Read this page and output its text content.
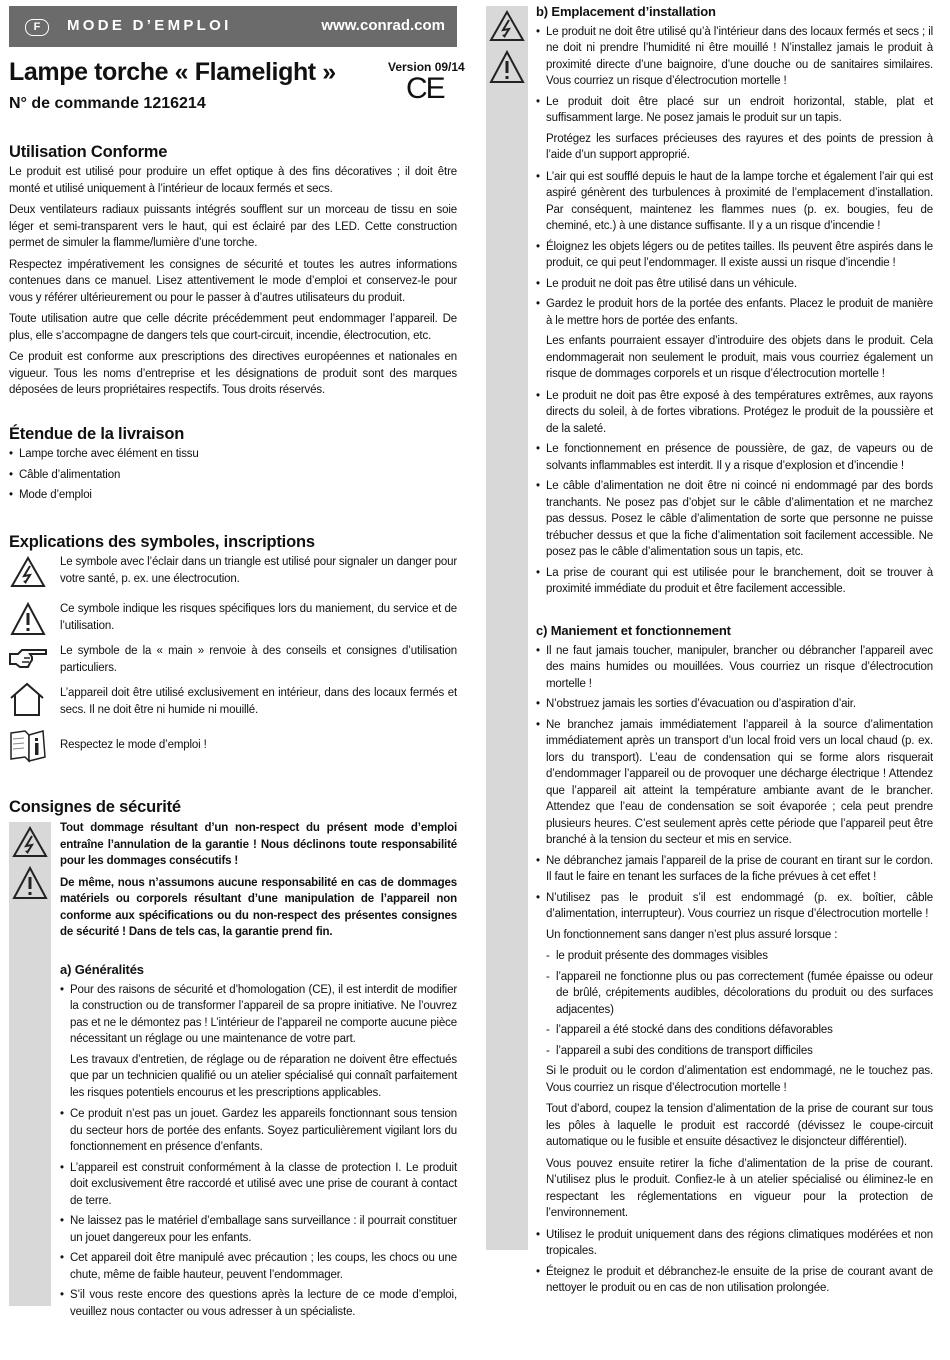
F	MODE D’EMPLOI	www.conrad.com
Lampe torche « Flamelight »	Version 09/14
CE
N° de commande 1216214
Utilisation Conforme

Le produit est utilisé pour produire un effet optique à des fins décoratives ; il doit être monté et utilisé uniquement à l’intérieur de locaux fermés et secs.

Deux ventilateurs radiaux puissants intégrés soufflent sur un morceau de tissu en soie léger et semi-transparent vers le haut, qui est éclairé par des LED. Cette construction permet de simuler la flamme/lumière d’une torche.

Respectez impérativement les consignes de sécurité et toutes les autres informations contenues dans ce manuel. Lisez attentivement le mode d’emploi et conservez-le pour vous y référer ultérieurement ou pour le passer à d’autres utilisateurs du produit.

Toute utilisation autre que celle décrite précédemment peut endommager l’appareil. De plus, elle s’accompagne de dangers tels que court-circuit, incendie, électrocution, etc.

Ce produit est conforme aux prescriptions des directives européennes et nationales en vigueur. Tous les noms d’entreprise et les désignations de produit sont des marques déposées de leurs propriétaires respectifs. Tous droits réservés.

Étendue de la livraison
• Lampe torche avec élément en tissu
• Câble d’alimentation
• Mode d’emploi
Explications des symboles, inscriptions
Le symbole avec l’éclair dans un triangle est utilisé pour signaler un danger pour votre santé, p. ex. une électrocution.
Ce symbole indique les risques spécifiques lors du maniement, du service et de l’utilisation.
Le symbole de la « main » renvoie à des conseils et consignes d’utilisation particuliers.
L’appareil doit être utilisé exclusivement en intérieur, dans des locaux fermés et secs. Il ne doit être ni humide ni mouillé.
Respectez le mode d’emploi !
Consignes de sécurité

Tout dommage résultant d’un non-respect du présent mode d’emploi entraîne l’annulation de la garantie ! Nous déclinons toute responsabilité pour les dommages consécutifs !

De même, nous n’assumons aucune responsabilité en cas de dommages matériels ou corporels résultant d’une manipulation de l’appareil non conforme aux spécifications ou du non-respect des présentes consignes de sécurité ! Dans de tels cas, la garantie prend fin.

a) Généralités
• Pour des raisons de sécurité et d’homologation (CE), il est interdit de modifier la construction ou de transformer l’appareil de sa propre initiative. Ne l’ouvrez pas et ne le démontez pas ! L’intérieur de l’appareil ne comporte aucune pièce nécessitant un réglage ou une maintenance de votre part.

Les travaux d’entretien, de réglage ou de réparation ne doivent être effectués que par un technicien qualifié ou un atelier spécialisé qui connaît parfaitement les risques potentiels encourus et les prescriptions applicables.

• Ce produit n’est pas un jouet. Gardez les appareils fonctionnant sous tension du secteur hors de portée des enfants. Soyez particulièrement vigilant lors du fonctionnement en présence d’enfants.
• L’appareil est construit conformément à la classe de protection I. Le produit doit exclusivement être raccordé et utilisé avec une prise de courant à contact de terre.
• Ne laissez pas le matériel d’emballage sans surveillance : il pourrait constituer un jouet dangereux pour les enfants.
• Cet appareil doit être manipulé avec précaution ; les coups, les chocs ou une chute, même de faible hauteur, peuvent l’endommager.
• S’il vous reste encore des questions après la lecture de ce mode d’emploi, veuillez nous contacter ou vous adresser à un spécialiste.
b) Emplacement d’installation
• Le produit ne doit être utilisé qu’à l’intérieur dans des locaux fermés et secs ; il ne doit ni prendre l’humidité ni être mouillé ! N’installez jamais le produit à proximité directe d’une baignoire, d’une douche ou de sanitaires similaires. Vous courriez un risque d’électrocution mortelle !
• Le produit doit être placé sur un endroit horizontal, stable, plat et suffisamment large. Ne posez jamais le produit sur un tapis.

Protégez les surfaces précieuses des rayures et des points de pression à l’aide d’un support approprié.

• L’air qui est soufflé depuis le haut de la lampe torche et également l’air qui est aspiré génèrent des turbulences à proximité de l’emplacement d’installation. Par conséquent, maintenez les flammes nues (p. ex. bougies, feu de cheminé, etc.) à une distance suffisante. Il y a un risque d’incendie !
• Éloignez les objets légers ou de petites tailles. Ils peuvent être aspirés dans le produit, ce qui peut l’endommager. Il existe aussi un risque d’incendie !
• Le produit ne doit pas être utilisé dans un véhicule.
• Gardez le produit hors de la portée des enfants. Placez le produit de manière à le mettre hors de portée des enfants.

Les enfants pourraient essayer d’introduire des objets dans le produit. Cela endommagerait non seulement le produit, mais vous courriez également un risque de dommages corporels et un risque d’électrocution mortelle !

• Le produit ne doit pas être exposé à des températures extrêmes, aux rayons directs du soleil, à de fortes vibrations. Protégez le produit de la poussière et de la saleté.
• Le fonctionnement en présence de poussière, de gaz, de vapeurs ou de solvants inflammables est interdit. Il y a risque d’explosion et d’incendie !
• Le câble d’alimentation ne doit être ni coincé ni endommagé par des bords tranchants. Ne posez pas d’objet sur le câble d’alimentation et ne marchez pas dessus. Posez le câble d’alimentation de sorte que personne ne puisse trébucher dessus et que la fiche d’alimentation soit facilement accessible. Ne posez pas le câble d’alimentation sous un tapis, etc.
• La prise de courant qui est utilisée pour le branchement, doit se trouver à proximité immédiate du produit et être facilement accessible.
c) Maniement et fonctionnement
• Il ne faut jamais toucher, manipuler, brancher ou débrancher l’appareil avec des mains humides ou mouillées. Vous courriez un risque d’électrocution mortelle !
• N’obstruez jamais les sorties d’évacuation ou d’aspiration d’air.
• Ne branchez jamais immédiatement l’appareil à la source d’alimentation immédiatement après un transport d’un local froid vers un local chaud (p. ex. lors du transport). L’eau de condensation qui se forme alors risquerait d’endommager l’appareil ou de provoquer une décharge électrique ! Attendez que l’appareil ait atteint la température ambiante avant de le brancher. Attendez que l’eau de condensation se soit évaporée ; cela peut prendre plusieurs heures. C’est seulement après cette période que l’appareil peut être branché à la tension du secteur et mis en service.
• Ne débranchez jamais l’appareil de la prise de courant en tirant sur le cordon. Il faut le faire en tenant les surfaces de la fiche prévues à cet effet !
• N’utilisez pas le produit s’il est endommagé (p. ex. boîtier, câble d’alimentation, interrupteur). Vous courriez un risque d’électrocution mortelle !

Un fonctionnement sans danger n’est plus assuré lorsque :

- le produit présente des dommages visibles
- l’appareil ne fonctionne plus ou pas correctement (fumée épaisse ou odeur de brûlé, crépitements audibles, décolorations du produit ou des surfaces adjacentes)
- l’appareil a été stocké dans des conditions défavorables
- l’appareil a subi des conditions de transport difficiles

Si le produit ou le cordon d’alimentation est endommagé, ne le touchez pas. Vous courriez un risque d’électrocution mortelle !

Tout d’abord, coupez la tension d’alimentation de la prise de courant sur tous les pôles à laquelle le produit est raccordé (dévissez le coupe-circuit automatique ou le fusible et ensuite désactivez le disjoncteur différentiel).

Vous pouvez ensuite retirer la fiche d’alimentation de la prise de courant. N’utilisez plus le produit. Confiez-le à un atelier spécialisé ou éliminez-le en respectant les réglementations en vigueur pour la protection de l’environnement.

• Utilisez le produit uniquement dans des régions climatiques modérées et non tropicales.
• Éteignez le produit et débranchez-le ensuite de la prise de courant avant de nettoyer le produit ou en cas de non utilisation prolongée.
